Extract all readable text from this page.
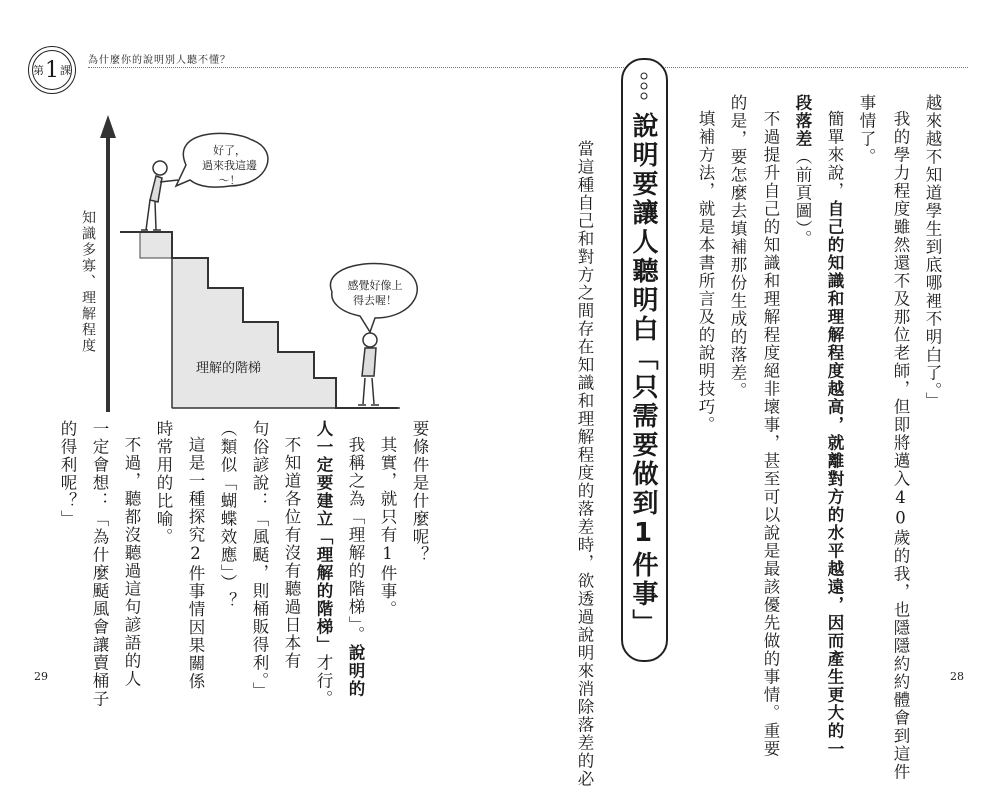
第 1 課
為什麼你的說明別人聽不懂？
越來越不知道學生到底哪裡不明白了。」
我的學力程度雖然還不及那位老師，但即將邁入40歲的我，也隱隱約約體會到這件
事情了。
簡單來說，自己的知識和理解程度越高，就離對方的水平越遠，因而產生更大的一
段落差（前頁圖）。
不過提升自己的知識和理解程度絕非壞事，甚至可以說是最該優先做的事情。重要
的是，要怎麼去填補那份生成的落差。
填補方法，就是本書所言及的說明技巧。
說明要讓人聽明白「只需要做到1件事」
當這種自己和對方之間存在知識和理解程度的落差時，欲透過說明來消除落差的必	28
好了，
過來我這邊～！
感覺好像上
得去喔！
理解的階梯
知識多寡、理解程度
要條件是什麼呢？
其實，就只有1件事。
我稱之為「理解的階梯」。說明的
人一定要建立「理解的階梯」才行。
不知道各位有沒有聽過日本有
句俗諺說：「風颳，則桶販得利。」
（類似「蝴蝶效應」）？
這是一種探究2件事情因果關係
時常用的比喻。
不過，聽都沒聽過這句諺語的人
一定會想：「為什麼颳風會讓賣桶子
的得利呢？」
29
